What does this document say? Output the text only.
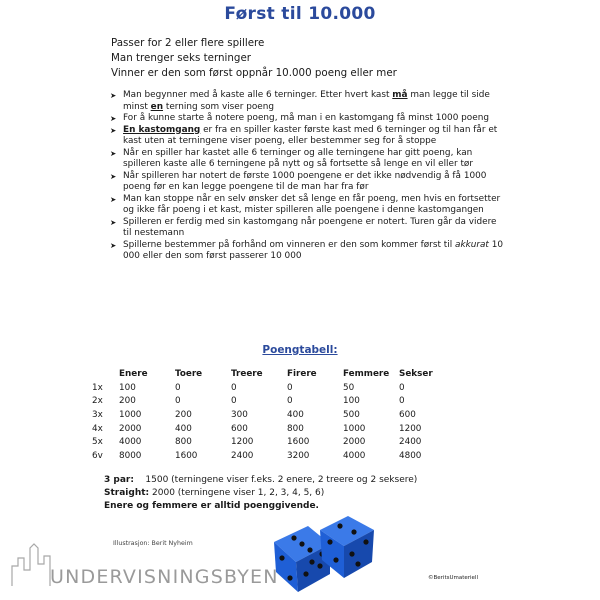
Først til 10.000
Passer for 2 eller flere spillere
Man trenger seks terninger
Vinner er den som først oppnår 10.000 poeng eller mer
➤ Man begynner med å kaste alle 6 terninger. Etter hvert kast må man legge til side minst en terning som viser poeng
➤ For å kunne starte å notere poeng, må man i en kastomgang få minst 1000 poeng
➤ En kastomgang er fra en spiller kaster første kast med 6 terninger og til han får et kast uten at terningene viser poeng, eller bestemmer seg for å stoppe
➤ Når en spiller har kastet alle 6 terninger og alle terningene har gitt poeng, kan spilleren kaste alle 6 terningene på nytt og så fortsette så lenge en vil eller tør
➤ Når spilleren har notert de første 1000 poengene er det ikke nødvendig å få 1000 poeng før en kan legge poengene til de man har fra før
➤ Man kan stoppe når en selv ønsker det så lenge en får poeng, men hvis en fortsetter og ikke får poeng i et kast, mister spilleren alle poengene i denne kastomgangen
➤ Spilleren er ferdig med sin kastomgang når poengene er notert. Turen går da videre til nestemann
➤ Spillerne bestemmer på forhånd om vinneren er den som kommer først til akkurat 10 000 eller den som først passerer 10 000
Poengtabell:
	Enere	Toere	Treere	Firere	Femmere	Sekser
1x	100	0	0	0	50	0
2x	200	0	0	0	100	0
3x	1000	200	300	400	500	600
4x	2000	400	600	800	1000	1200
5x	4000	800	1200	1600	2000	2400
6v	8000	1600	2400	3200	4000	4800
3 par: 1500 (terningene viser f.eks. 2 enere, 2 treere og 2 seksere)
Straight: 2000 (terningene viser 1, 2, 3, 4, 5, 6)
Enere og femmere er alltid poenggivende.
Illustrasjon: Berit Nyheim
UNDERVISNINGSBYEN	©BeritsUmateriell
